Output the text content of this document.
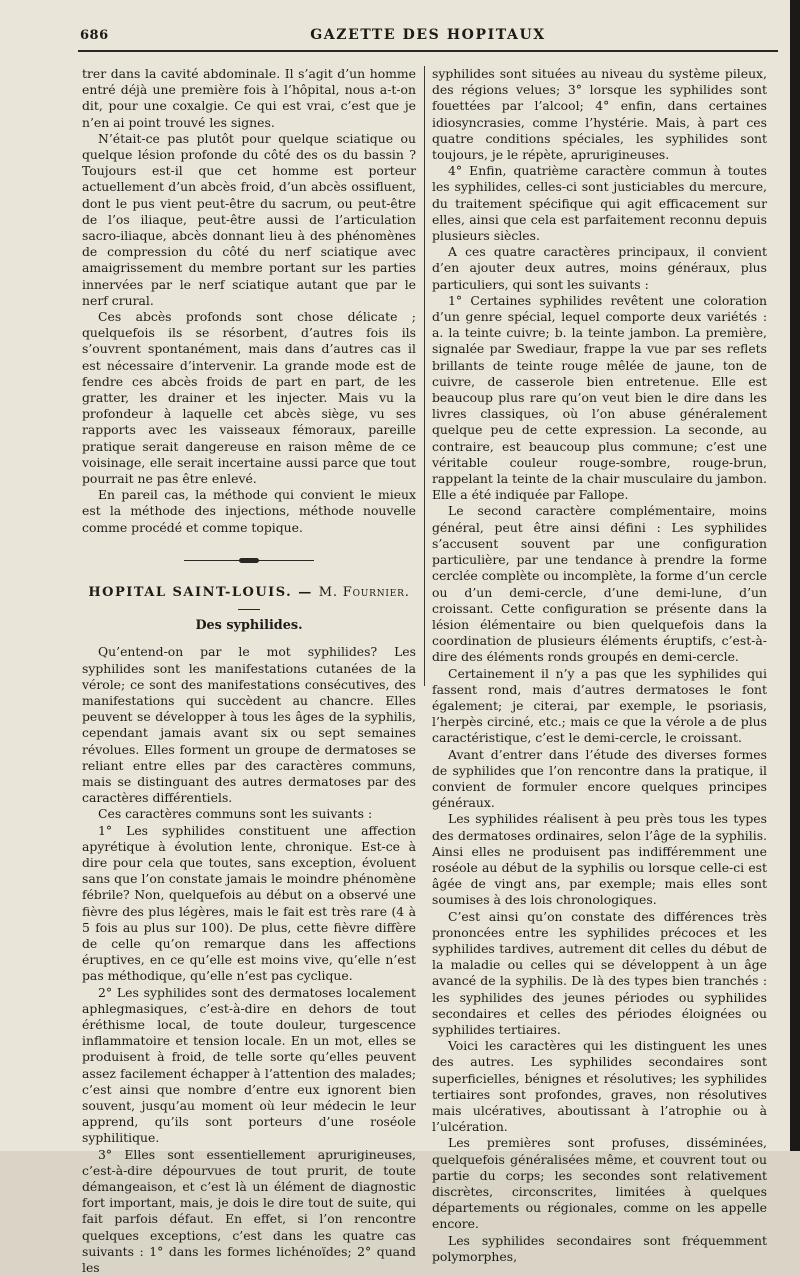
686	GAZETTE DES HOPITAUX

trer dans la cavité abdominale. Il s’agit d’un homme entré déjà une première fois à l’hôpital, nous a-t-on dit, pour une coxalgie. Ce qui est vrai, c’est que je n’en ai point trouvé les signes.

N’était-ce pas plutôt pour quelque sciatique ou quelque lésion profonde du côté des os du bassin ? Toujours est-il que cet homme est porteur actuellement d’un abcès froid, d’un abcès ossifluent, dont le pus vient peut-être du sacrum, ou peut-être de l’os iliaque, peut-être aussi de l’articulation sacro-iliaque, abcès donnant lieu à des phénomènes de compression du côté du nerf sciatique avec amaigrissement du membre portant sur les parties innervées par le nerf sciatique autant que par le nerf crural.

Ces abcès profonds sont chose délicate ; quelquefois ils se résorbent, d’autres fois ils s’ouvrent spontanément, mais dans d’autres cas il est nécessaire d’intervenir. La grande mode est de fendre ces abcès froids de part en part, de les gratter, les drainer et les injecter. Mais vu la profondeur à laquelle cet abcès siège, vu ses rapports avec les vaisseaux fémoraux, pareille pratique serait dangereuse en raison même de ce voisinage, elle serait incertaine aussi parce que tout pourrait ne pas être enlevé.

En pareil cas, la méthode qui convient le mieux est la méthode des injections, méthode nouvelle comme procédé et comme topique.

HOPITAL SAINT-LOUIS. — M. Fournier.
Des syphilides.

Qu’entend-on par le mot syphilides? Les syphilides sont les manifestations cutanées de la vérole; ce sont des manifestations consécutives, des manifestations qui succèdent au chancre. Elles peuvent se développer à tous les âges de la syphilis, cependant jamais avant six ou sept semaines révolues. Elles forment un groupe de dermatoses se reliant entre elles par des caractères communs, mais se distinguant des autres dermatoses par des caractères différentiels.

Ces caractères communs sont les suivants :

1° Les syphilides constituent une affection apyrétique à évolution lente, chronique. Est-ce à dire pour cela que toutes, sans exception, évoluent sans que l’on constate jamais le moindre phénomène fébrile? Non, quelquefois au début on a observé une fièvre des plus légères, mais le fait est très rare (4 à 5 fois au plus sur 100). De plus, cette fièvre diffère de celle qu’on remarque dans les affections éruptives, en ce qu’elle est moins vive, qu’elle n’est pas méthodique, qu’elle n’est pas cyclique.

2° Les syphilides sont des dermatoses localement aphlegmasiques, c’est-à-dire en dehors de tout éréthisme local, de toute douleur, turgescence inflammatoire et tension locale. En un mot, elles se produisent à froid, de telle sorte qu’elles peuvent assez facilement échapper à l’attention des malades; c’est ainsi que nombre d’entre eux ignorent bien souvent, jusqu’au moment où leur médecin le leur apprend, qu’ils sont porteurs d’une roséole syphilitique.

3° Elles sont essentiellement aprurigineuses, c’est-à-dire dépourvues de tout prurit, de toute démangeaison, et c’est là un élément de diagnostic fort important, mais, je dois le dire tout de suite, qui fait parfois défaut. En effet, si l’on rencontre quelques exceptions, c’est dans les quatre cas suivants : 1° dans les formes lichénoïdes; 2° quand les

syphilides sont situées au niveau du système pileux, des régions velues; 3° lorsque les syphilides sont fouettées par l’alcool; 4° enfin, dans certaines idiosyncrasies, comme l’hystérie. Mais, à part ces quatre conditions spéciales, les syphilides sont toujours, je le répète, aprurigineuses.

4° Enfin, quatrième caractère commun à toutes les syphilides, celles-ci sont justiciables du mercure, du traitement spécifique qui agit efficacement sur elles, ainsi que cela est parfaitement reconnu depuis plusieurs siècles.

A ces quatre caractères principaux, il convient d’en ajouter deux autres, moins généraux, plus particuliers, qui sont les suivants :

1° Certaines syphilides revêtent une coloration d’un genre spécial, lequel comporte deux variétés : a. la teinte cuivre; b. la teinte jambon. La première, signalée par Swediaur, frappe la vue par ses reflets brillants de teinte rouge mêlée de jaune, ton de cuivre, de casserole bien entretenue. Elle est beaucoup plus rare qu’on veut bien le dire dans les livres classiques, où l’on abuse généralement quelque peu de cette expression. La seconde, au contraire, est beaucoup plus commune; c’est une véritable couleur rouge-sombre, rouge-brun, rappelant la teinte de la chair musculaire du jambon. Elle a été indiquée par Fallope.

Le second caractère complémentaire, moins général, peut être ainsi défini : Les syphilides s’accusent souvent par une configuration particulière, par une tendance à prendre la forme cerclée complète ou incomplète, la forme d’un cercle ou d’un demi-cercle, d’une demi-lune, d’un croissant. Cette configuration se présente dans la lésion élémentaire ou bien quelquefois dans la coordination de plusieurs éléments éruptifs, c’est-à-dire des éléments ronds groupés en demi-cercle.

Certainement il n’y a pas que les syphilides qui fassent rond, mais d’autres dermatoses le font également; je citerai, par exemple, le psoriasis, l’herpès circiné, etc.; mais ce que la vérole a de plus caractéristique, c’est le demi-cercle, le croissant.

Avant d’entrer dans l’étude des diverses formes de syphilides que l’on rencontre dans la pratique, il convient de formuler encore quelques principes généraux.

Les syphilides réalisent à peu près tous les types des dermatoses ordinaires, selon l’âge de la syphilis. Ainsi elles ne produisent pas indifféremment une roséole au début de la syphilis ou lorsque celle-ci est âgée de vingt ans, par exemple; mais elles sont soumises à des lois chronologiques.

C’est ainsi qu’on constate des différences très prononcées entre les syphilides précoces et les syphilides tardives, autrement dit celles du début de la maladie ou celles qui se développent à un âge avancé de la syphilis. De là des types bien tranchés : les syphilides des jeunes périodes ou syphilides secondaires et celles des périodes éloignées ou syphilides tertiaires.

Voici les caractères qui les distinguent les unes des autres. Les syphilides secondaires sont superficielles, bénignes et résolutives; les syphilides tertiaires sont profondes, graves, non résolutives mais ulcératives, aboutissant à l’atrophie ou à l’ulcération.

Les premières sont profuses, disséminées, quelquefois généralisées même, et couvrent tout ou partie du corps; les secondes sont relativement discrètes, circonscrites, limitées à quelques départements ou régionales, comme on les appelle encore.

Les syphilides secondaires sont fréquemment polymorphes,
